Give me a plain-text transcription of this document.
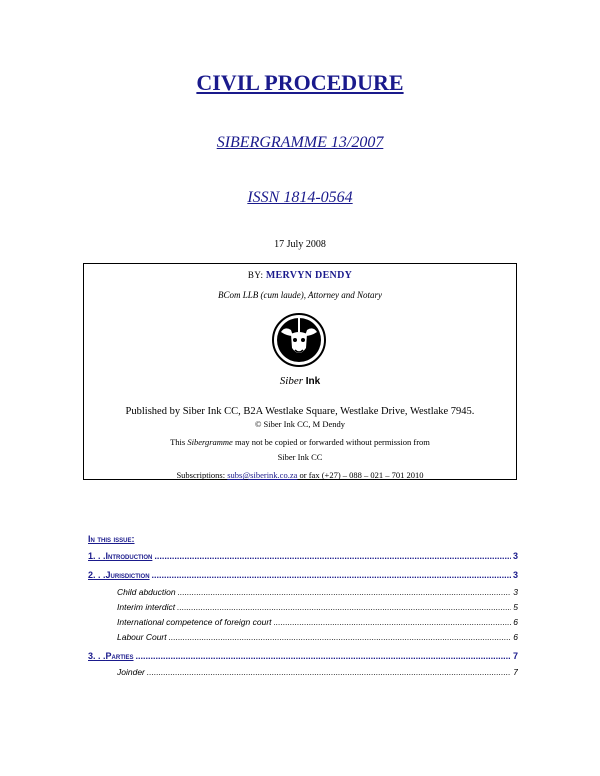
CIVIL PROCEDURE
SIBERGRAMME 13/2007
ISSN 1814-0564
17 July 2008
BY: MERVYN DENDY
BCom LLB (cum laude), Attorney and Notary
Siber Ink
Published by Siber Ink CC, B2A Westlake Square, Westlake Drive, Westlake 7945.
© Siber Ink CC, M Dendy
This Sibergramme may not be copied or forwarded without permission from
Siber Ink CC
Subscriptions: subs@siberink.co.za or fax (+27) – 088 – 021 – 701 2010
In this issue:
1 . . . Introduction .....	3
2 . . . Jurisdiction .....	3
Child abduction .....	3
Interim interdict .....	5
International competence of foreign court .....	6
Labour Court .....	6
3 . . . Parties .....	7
Joinder .....	7
